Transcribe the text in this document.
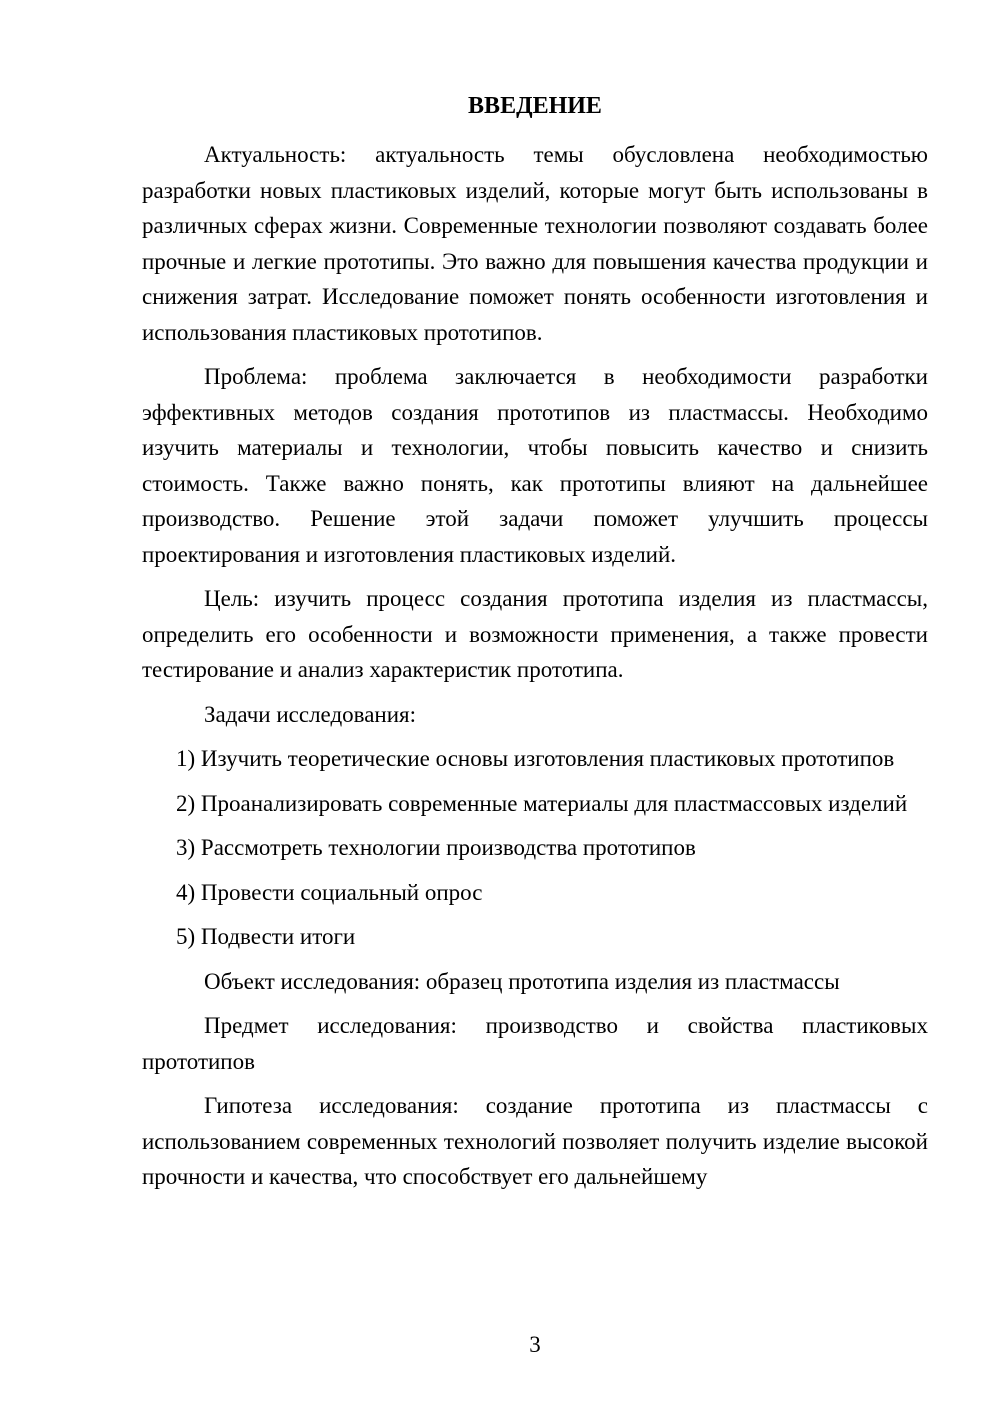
ВВЕДЕНИЕ

Актуальность: актуальность темы обусловлена необходимостью разработки новых пластиковых изделий, которые могут быть использованы в различных сферах жизни. Современные технологии позволяют создавать более прочные и легкие прототипы. Это важно для повышения качества продукции и снижения затрат. Исследование поможет понять особенности изготовления и использования пластиковых прототипов.

Проблема: проблема заключается в необходимости разработки эффективных методов создания прототипов из пластмассы. Необходимо изучить материалы и технологии, чтобы повысить качество и снизить стоимость. Также важно понять, как прототипы влияют на дальнейшее производство. Решение этой задачи поможет улучшить процессы проектирования и изготовления пластиковых изделий.

Цель: изучить процесс создания прототипа изделия из пластмассы, определить его особенности и возможности применения, а также провести тестирование и анализ характеристик прототипа.

Задачи исследования:

1) Изучить теоретические основы изготовления пластиковых прототипов

2) Проанализировать современные материалы для пластмассовых изделий

3) Рассмотреть технологии производства прототипов

4) Провести социальный опрос

5) Подвести итоги

Объект исследования: образец прототипа изделия из пластмассы

Предмет исследования: производство и свойства пластиковых прототипов

Гипотеза исследования: создание прототипа из пластмассы с использованием современных технологий позволяет получить изделие высокой прочности и качества, что способствует его дальнейшему

3
